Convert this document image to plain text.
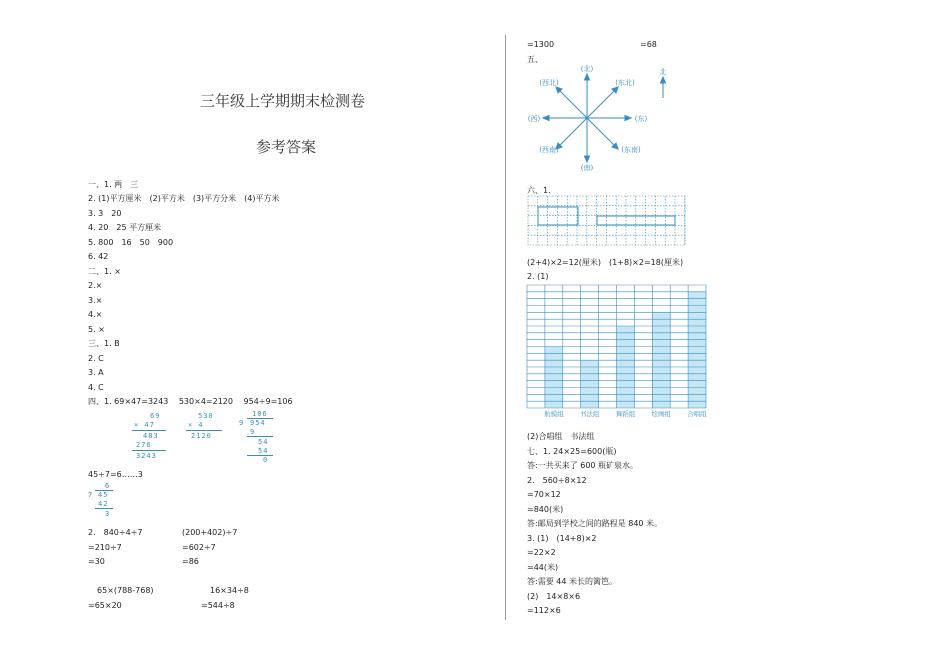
三年级上学期期末检测卷
参考答案
一、1. 两　三
2. (1)平方厘米　(2)平方米　(3)平方分米　(4)平方米
3. 3　20
4. 20　25 平方厘米
5. 800　16　50　900
6. 42
二、1. ×
2.×
3.×
4.×
5. ×
三、1. B
2. C
3. A
4. C
四、1. 69×47=3243　 530×4=2120　 954÷9=106
69
× 47
483
276
3243
530
× 4
2120
106
9 954
9
54
54
0
45÷7=6……3
6
7 45
42
3
2.　840÷4÷7
=210÷7
=30
(200+402)÷7
=602÷7
=86
65×(788-768)
=65×20
16×34÷8
=544÷8
=1300	=68
五、
(北)
(南)
(西)	(东)
(西北)	(东北)
(西南)	(东南)
北
六、1.
(2+4)×2=12(厘米)　(1+8)×2=18(厘米)
2. (1)
航模组	书法组	舞蹈组	绘画组	合唱组
(2)合唱组　书法组
七、1. 24×25=600(瓶)
答:一共买来了 600 瓶矿泉水。
2.　560÷8×12
=70×12
=840(米)
答:邮局到学校之间的路程是 840 米。
3. (1)　(14+8)×2
=22×2
=44(米)
答:需要 44 米长的篱笆。
(2)　14×8×6
=112×6
